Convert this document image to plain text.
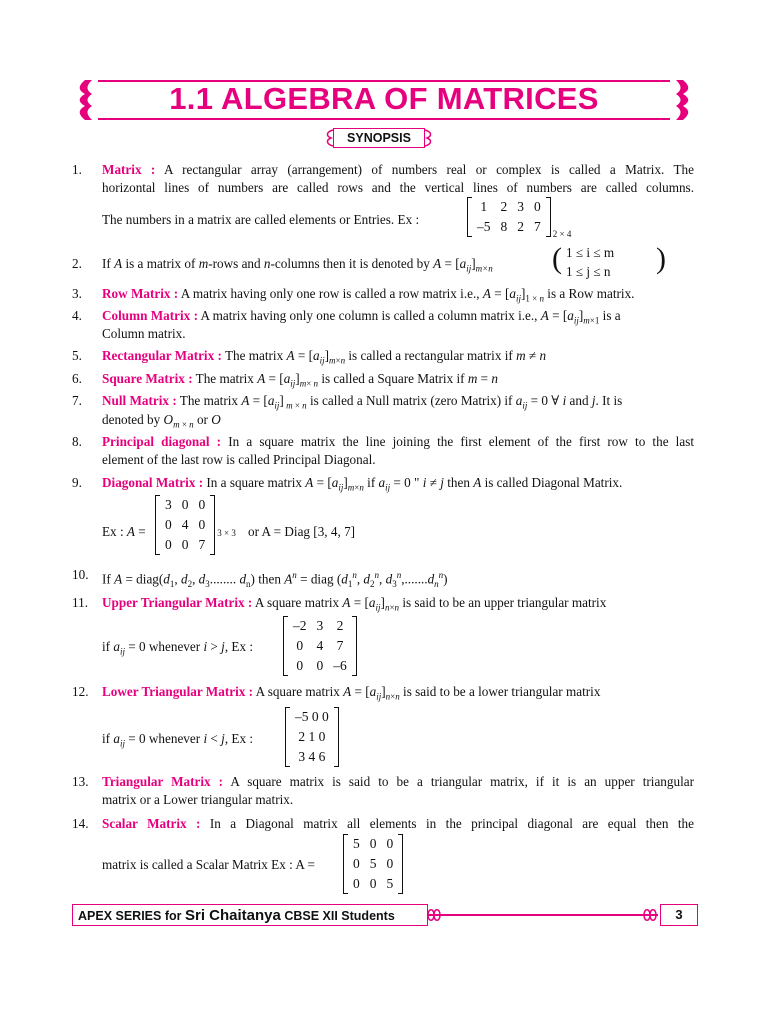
1.1 ALGEBRA OF MATRICES
SYNOPSIS
1.	Matrix : A rectangular array (arrangement) of numbers real or complex is called a Matrix. The
horizontal lines of numbers are called rows and the vertical lines of numbers are called columns.
The numbers in a matrix are called elements or Entries. Ex :
1	2	3	0
–5	8	2	7 2 × 4
2.	If A is a matrix of m-rows and n-columns then it is denoted by $A = [a_{ij}]_{m\times n}$	( 1 ≤ i ≤ m
1 ≤ j ≤ n )
3.	Row Matrix : A matrix having only one row is called a row matrix i.e., $A = [a_{ij}]_{1 \times n}$ is a Row matrix.
4.	Column Matrix : A matrix having only one column is called a column matrix i.e., $A = [a_{ij}]_{m\times 1}$ is a
Column matrix.
5.	Rectangular Matrix : The matrix $A = [a_{ij}]_{m\times n}$ is called a rectangular matrix if m ≠ n
6.	Square Matrix : The matrix $A = [a_{ij}]_{m\times n}$ is called a Square Matrix if m = n
7.	Null Matrix : The matrix $A = [a_{ij}]$ $_{m \times n}$ is called a Null matrix (zero Matrix) if $a_{ij} = 0$ ∀ i and j. It is
denoted by $O_{m \times n}$ or O
8.	Principal diagonal : In a square matrix the line joining the first element of the first row to the last
element of the last row is called Principal Diagonal.
9.	Diagonal Matrix : In a square matrix $A = [a_{ij}]_{m\times n}$ if $a_{ij} = 0$ " i ≠ j then A is called Diagonal Matrix.
Ex : A =
3	0	0
0	4	0
0	0	7
3 × 3 or A = Diag [3, 4, 7]
10.	If $A = diag(d_1$, $d_2$, $d_3$........ $d_n$) then $A^n$ = diag ($d_1^n$, $d_2^n$, $d_3^n,.......d_n^n$)
11.	Upper Triangular Matrix : A square matrix $A = [a_{ij}]_{n\times n}$ is said to be an upper triangular matrix
if $a_{ij} = 0$ whenever i > j, Ex :
–2	3	2
0	4	7
0	0	–6
12.	Lower Triangular Matrix : A square matrix $A = [a_{ij}]_{n\times n}$ is said to be a lower triangular matrix
if $a_{ij} = 0$ whenever i < j, Ex :
–5 0 0
2 1 0
3 4 6
13.	Triangular Matrix : A square matrix is said to be a triangular matrix, if it is an upper triangular
matrix or a Lower triangular matrix.
14.	Scalar Matrix : In a Diagonal matrix all elements in the principal diagonal are equal then the
matrix is called a Scalar Matrix Ex : A =
5	0	0
0	5	0
0	0	5
APEX SERIES for Sri Chaitanya CBSE XII Students	3
